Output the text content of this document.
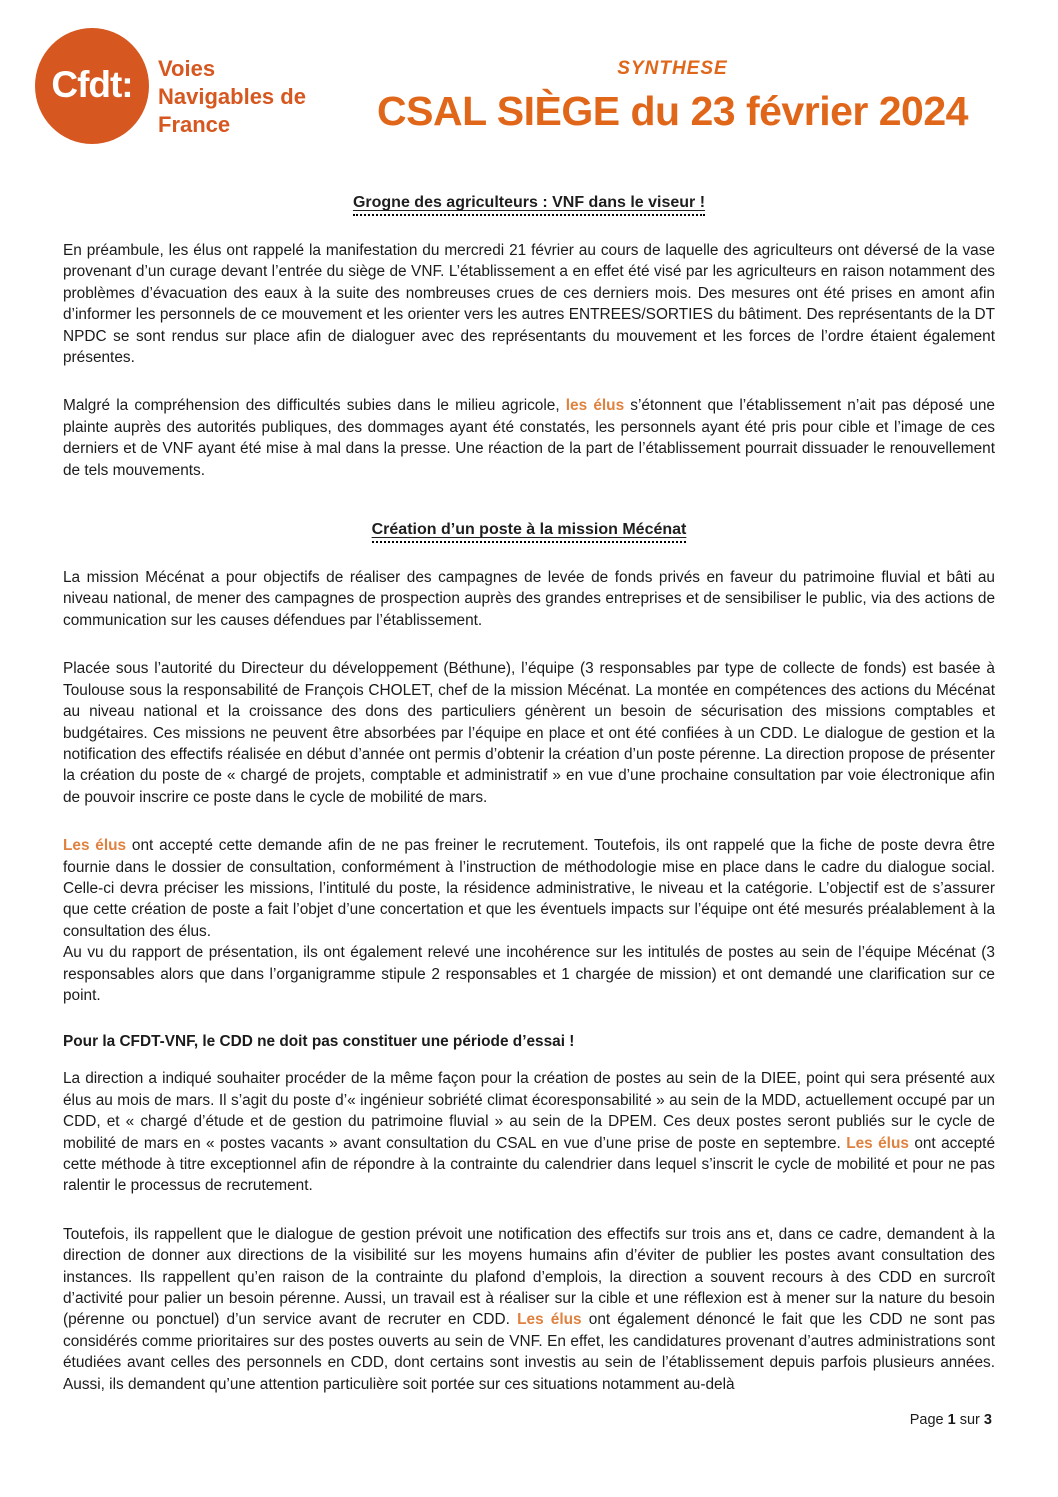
Cfdt: Voies
Navigables de
France
SYNTHESE
CSAL SIÈGE du 23 février 2024
Grogne des agriculteurs : VNF dans le viseur !

En préambule, les élus ont rappelé la manifestation du mercredi 21 février au cours de laquelle des agriculteurs ont déversé de la vase provenant d’un curage devant l’entrée du siège de VNF. L’établissement a en effet été visé par les agriculteurs en raison notamment des problèmes d’évacuation des eaux à la suite des nombreuses crues de ces derniers mois. Des mesures ont été prises en amont afin d’informer les personnels de ce mouvement et les orienter vers les autres ENTREES/SORTIES du bâtiment. Des représentants de la DT NPDC se sont rendus sur place afin de dialoguer avec des représentants du mouvement et les forces de l’ordre étaient également présentes.

Malgré la compréhension des difficultés subies dans le milieu agricole, les élus s’étonnent que l’établissement n’ait pas déposé une plainte auprès des autorités publiques, des dommages ayant été constatés, les personnels ayant été pris pour cible et l’image de ces derniers et de VNF ayant été mise à mal dans la presse. Une réaction de la part de l’établissement pourrait dissuader le renouvellement de tels mouvements.

Création d’un poste à la mission Mécénat

La mission Mécénat a pour objectifs de réaliser des campagnes de levée de fonds privés en faveur du patrimoine fluvial et bâti au niveau national, de mener des campagnes de prospection auprès des grandes entreprises et de sensibiliser le public, via des actions de communication sur les causes défendues par l’établissement.

Placée sous l’autorité du Directeur du développement (Béthune), l’équipe (3 responsables par type de collecte de fonds) est basée à Toulouse sous la responsabilité de François CHOLET, chef de la mission Mécénat. La montée en compétences des actions du Mécénat au niveau national et la croissance des dons des particuliers génèrent un besoin de sécurisation des missions comptables et budgétaires. Ces missions ne peuvent être absorbées par l’équipe en place et ont été confiées à un CDD. Le dialogue de gestion et la notification des effectifs réalisée en début d’année ont permis d’obtenir la création d’un poste pérenne. La direction propose de présenter la création du poste de « chargé de projets, comptable et administratif » en vue d’une prochaine consultation par voie électronique afin de pouvoir inscrire ce poste dans le cycle de mobilité de mars.

Les élus ont accepté cette demande afin de ne pas freiner le recrutement. Toutefois, ils ont rappelé que la fiche de poste devra être fournie dans le dossier de consultation, conformément à l’instruction de méthodologie mise en place dans le cadre du dialogue social. Celle-ci devra préciser les missions, l’intitulé du poste, la résidence administrative, le niveau et la catégorie. L’objectif est de s’assurer que cette création de poste a fait l’objet d’une concertation et que les éventuels impacts sur l’équipe ont été mesurés préalablement à la consultation des élus.
Au vu du rapport de présentation, ils ont également relevé une incohérence sur les intitulés de postes au sein de l’équipe Mécénat (3 responsables alors que dans l’organigramme stipule 2 responsables et 1 chargée de mission) et ont demandé une clarification sur ce point.

Pour la CFDT-VNF, le CDD ne doit pas constituer une période d’essai !

La direction a indiqué souhaiter procéder de la même façon pour la création de postes au sein de la DIEE, point qui sera présenté aux élus au mois de mars. Il s’agit du poste d’« ingénieur sobriété climat écoresponsabilité » au sein de la MDD, actuellement occupé par un CDD, et « chargé d’étude et de gestion du patrimoine fluvial » au sein de la DPEM. Ces deux postes seront publiés sur le cycle de mobilité de mars en « postes vacants » avant consultation du CSAL en vue d’une prise de poste en septembre. Les élus ont accepté cette méthode à titre exceptionnel afin de répondre à la contrainte du calendrier dans lequel s’inscrit le cycle de mobilité et pour ne pas ralentir le processus de recrutement.

Toutefois, ils rappellent que le dialogue de gestion prévoit une notification des effectifs sur trois ans et, dans ce cadre, demandent à la direction de donner aux directions de la visibilité sur les moyens humains afin d’éviter de publier les postes avant consultation des instances. Ils rappellent qu’en raison de la contrainte du plafond d’emplois, la direction a souvent recours à des CDD en surcroît d’activité pour palier un besoin pérenne. Aussi, un travail est à réaliser sur la cible et une réflexion est à mener sur la nature du besoin (pérenne ou ponctuel) d’un service avant de recruter en CDD. Les élus ont également dénoncé le fait que les CDD ne sont pas considérés comme prioritaires sur des postes ouverts au sein de VNF. En effet, les candidatures provenant d’autres administrations sont étudiées avant celles des personnels en CDD, dont certains sont investis au sein de l’établissement depuis parfois plusieurs années. Aussi, ils demandent qu’une attention particulière soit portée sur ces situations notamment au-delà

Page 1 sur 3
